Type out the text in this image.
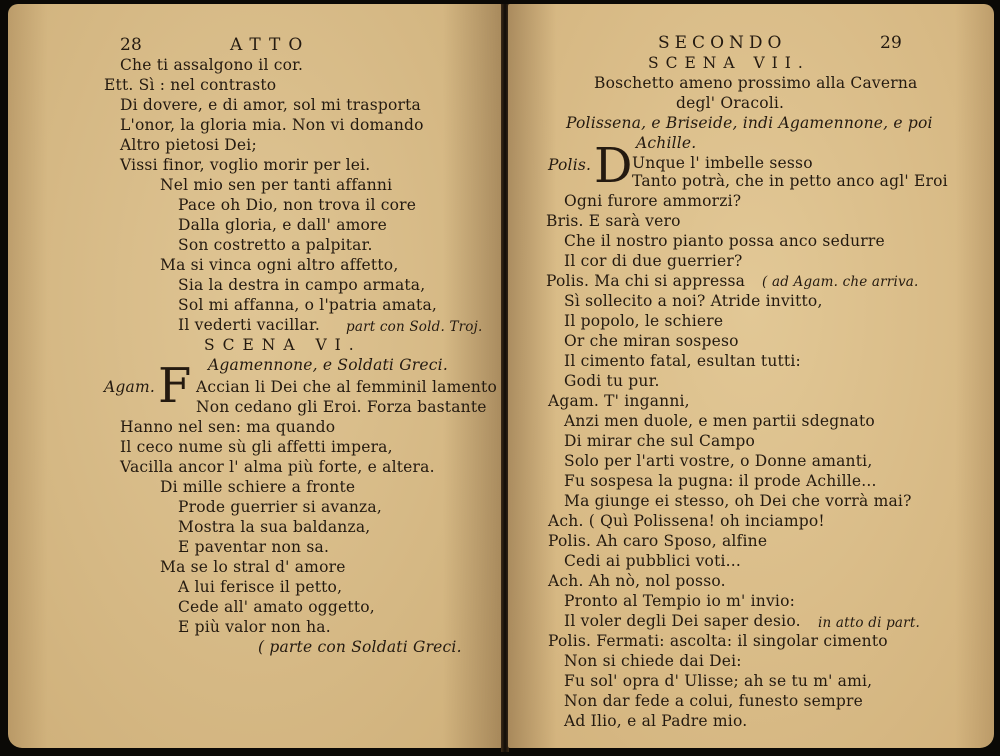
28	ATTO
Che ti assalgono il cor.
Ett. Sì : nel contrasto
Di dovere, e di amor, sol mi trasporta
L'onor, la gloria mia. Non vi domando
Altro pietosi Dei;
Vissi finor, voglio morir per lei.
Nel mio sen per tanti affanni
Pace oh Dio, non trova il core
Dalla gloria, e dall' amore
Son costretto a palpitar.
Ma si vinca ogni altro affetto,
Sia la destra in campo armata,
Sol mi affanna, o l'patria amata,
Il vederti vacillar. part con Sold. Troj.
SCENA VI.
Agamennone, e Soldati Greci.
Agam. F Accian li Dei che al femminil lamento
Non cedano gli Eroi. Forza bastante
Hanno nel sen: ma quando
Il ceco nume sù gli affetti impera,
Vacilla ancor l' alma più forte, e altera.
Di mille schiere a fronte
Prode guerrier si avanza,
Mostra la sua baldanza,
E paventar non sa.
Ma se lo stral d' amore
A lui ferisce il petto,
Cede all' amato oggetto,
E più valor non ha.
( parte con Soldati Greci.
SECONDO	29
SCENA VII.
Boschetto ameno prossimo alla Caverna
degl' Oracoli.
Polissena, e Briseide, indi Agamennone, e poi
Achille.
Polis. D Unque l' imbelle sesso
Tanto potrà, che in petto anco agl' Eroi
Ogni furore ammorzi?
Bris. E sarà vero
Che il nostro pianto possa anco sedurre
Il cor di due guerrier?
Polis. Ma chi si appressa ( ad Agam. che arriva.
Sì sollecito a noi? Atride invitto,
Il popolo, le schiere
Or che miran sospeso
Il cimento fatal, esultan tutti:
Godi tu pur.
Agam. T' inganni,
Anzi men duole, e men partii sdegnato
Di mirar che sul Campo
Solo per l'arti vostre, o Donne amanti,
Fu sospesa la pugna: il prode Achille...
Ma giunge ei stesso, oh Dei che vorrà mai?
Ach. ( Quì Polissena! oh inciampo!
Polis. Ah caro Sposo, alfine
Cedi ai pubblici voti...
Ach. Ah nò, nol posso.
Pronto al Tempio io m' invio:
Il voler degli Dei saper desio. in atto di part.
Polis. Fermati: ascolta: il singolar cimento
Non si chiede dai Dei:
Fu sol' opra d' Ulisse; ah se tu m' ami,
Non dar fede a colui, funesto sempre
Ad Ilio, e al Padre mio.
